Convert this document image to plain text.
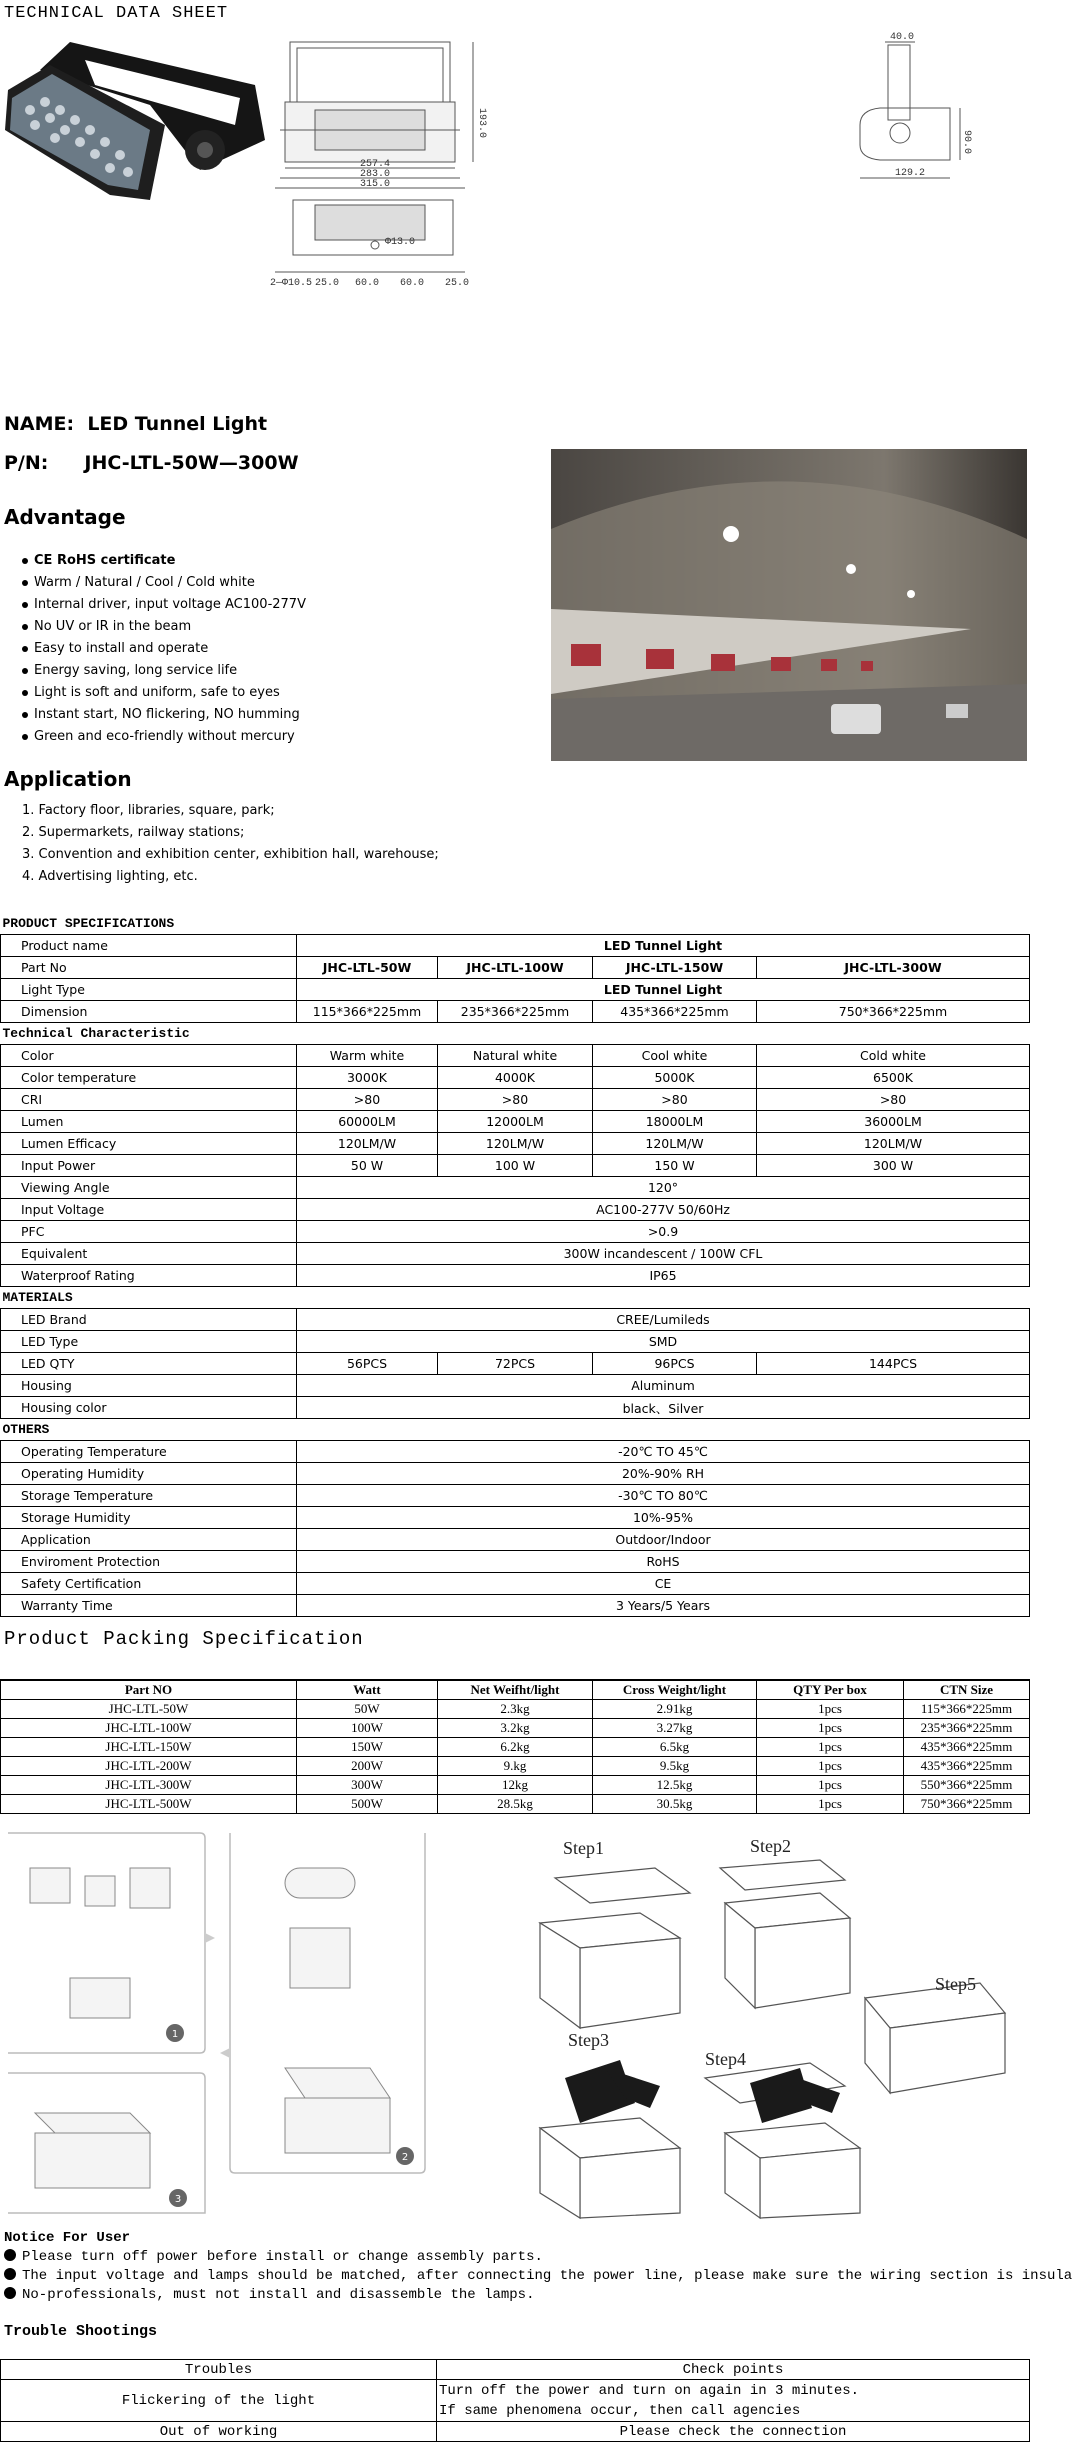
TECHNICAL DATA SHEET
257.4
283.0
315.0
193.0
Φ13.0
2—Φ10.5 25.0 60.0 60.0 25.0
40.0
90.0
129.2
NAME: LED Tunnel Light
P/N: JHC-LTL-50W—300W
Advantage
CE RoHS certificate
Warm / Natural / Cool / Cold white
Internal driver, input voltage AC100-277V
No UV or IR in the beam
Easy to install and operate
Energy saving, long service life
Light is soft and uniform, safe to eyes
Instant start, NO flickering, NO humming
Green and eco-friendly without mercury
Application
1. Factory floor, libraries, square, park;
2. Supermarkets, railway stations;
3. Convention and exhibition center, exhibition hall, warehouse;
4. Advertising lighting, etc.
PRODUCT SPECIFICATIONS				
Product name	LED Tunnel Light			
Part No	JHC-LTL-50W	JHC-LTL-100W	JHC-LTL-150W	JHC-LTL-300W
Light Type	LED Tunnel Light			
Dimension	115*366*225mm	235*366*225mm	435*366*225mm	750*366*225mm
Technical Characteristic				
Color	Warm white	Natural white	Cool white	Cold white
Color temperature	3000K	4000K	5000K	6500K
CRI	>80	>80	>80	>80
Lumen	60000LM	12000LM	18000LM	36000LM
Lumen Efficacy	120LM/W	120LM/W	120LM/W	120LM/W
Input Power	50 W	100 W	150 W	300 W
Viewing Angle	120°			
Input Voltage	AC100-277V 50/60Hz			
PFC	>0.9			
Equivalent	300W incandescent / 100W CFL			
Waterproof Rating	IP65			
MATERIALS				
LED Brand	CREE/Lumileds			
LED Type	SMD			
LED QTY	56PCS	72PCS	96PCS	144PCS
Housing	Aluminum			
Housing color	black、Silver			
OTHERS				
Operating Temperature	-20℃ TO 45℃			
Operating Humidity	20%-90% RH			
Storage Temperature	-30℃ TO 80℃			
Storage Humidity	10%-95%			
Application	Outdoor/Indoor			
Enviroment Protection	RoHS			
Safety Certification	CE			
Warranty Time	3 Years/5 Years			
Product Packing Specification
Part NO	Watt	Net Weifht/light	Cross Weight/light	QTY Per box	CTN Size
JHC-LTL-50W	50W	2.3kg	2.91kg	1pcs	115*366*225mm
JHC-LTL-100W	100W	3.2kg	3.27kg	1pcs	235*366*225mm
JHC-LTL-150W	150W	6.2kg	6.5kg	1pcs	435*366*225mm
JHC-LTL-200W	200W	9.kg	9.5kg	1pcs	435*366*225mm
JHC-LTL-300W	300W	12kg	12.5kg	1pcs	550*366*225mm
JHC-LTL-500W	500W	28.5kg	30.5kg	1pcs	750*366*225mm
1
2
3
Step1	Step2
Step5
Step3
Step4
Notice For User
Please turn off power before install or change assembly parts.
The input voltage and lamps should be matched, after connecting the power line, please make sure the wiring section is insula
No-professionals, must not install and disassemble the lamps.
Trouble Shootings
Troubles	Check points
Flickering of the light	Turn off the power and turn on again in 3 minutes.
If same phenomena occur, then call agencies

Out of working	Please check the connection
